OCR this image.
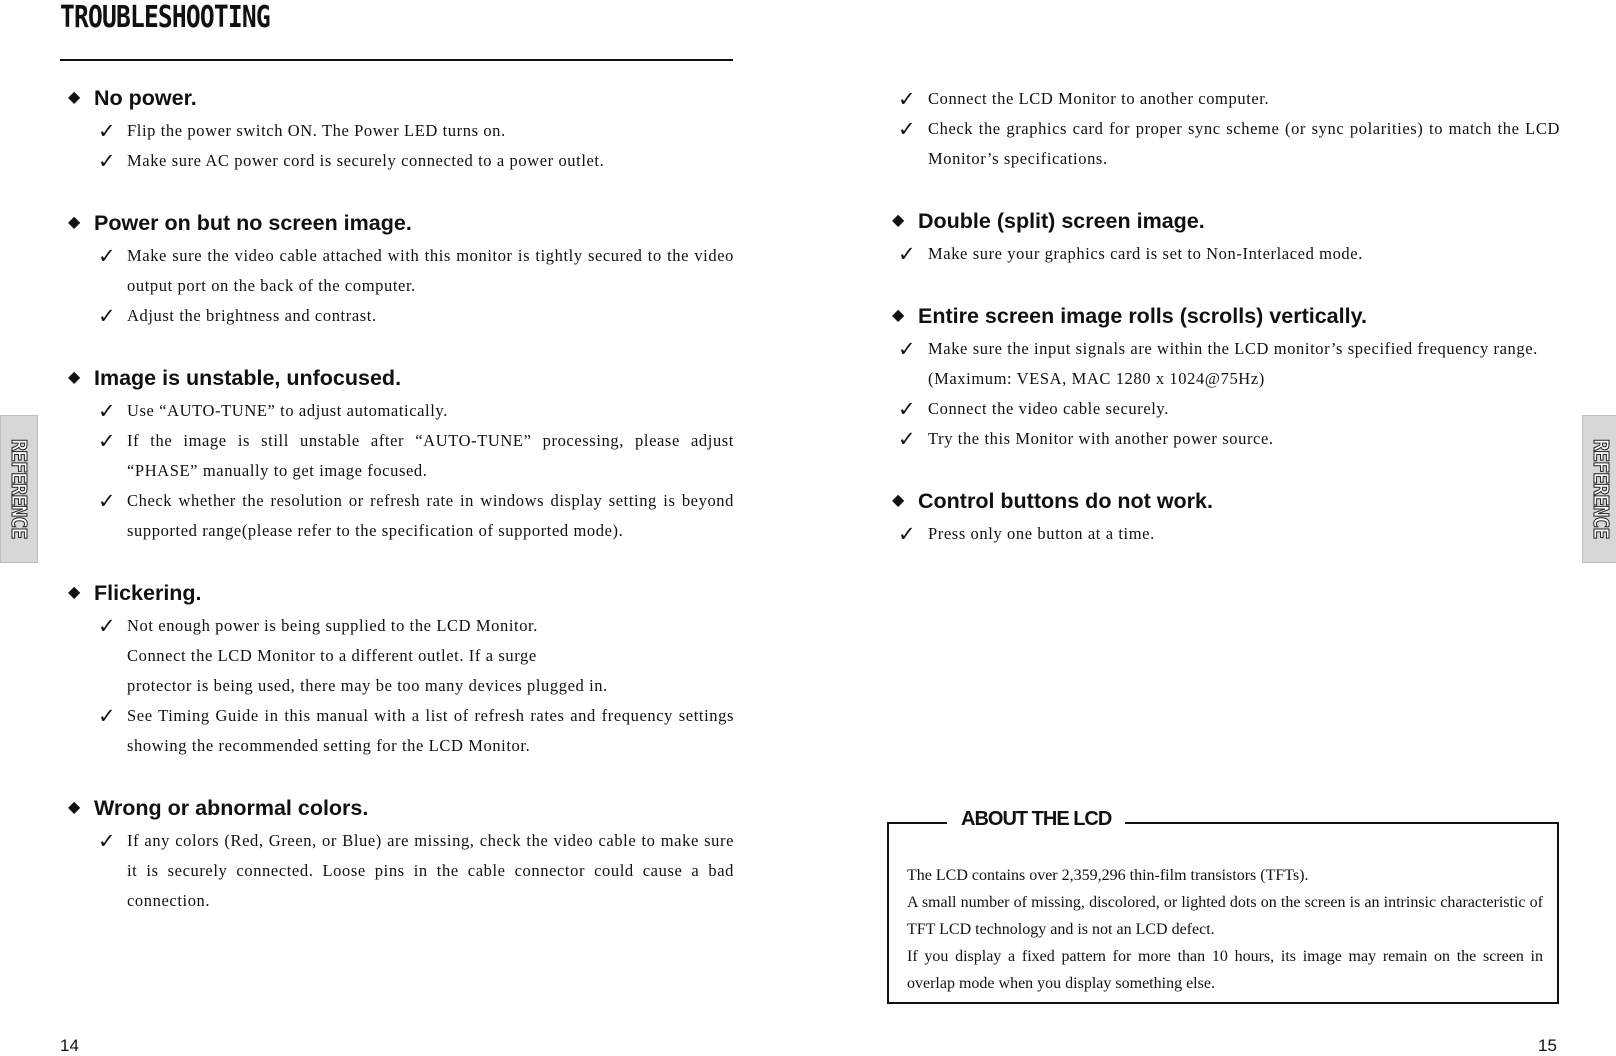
TROUBLESHOOTING
◆ No power.
✓ Flip the power switch ON. The Power LED turns on.
✓ Make sure AC power cord is securely connected to a power outlet.
◆ Power on but no screen image.
✓ Make sure the video cable attached with this monitor is tightly secured to the video output port on the back of the computer.
✓ Adjust the brightness and contrast.
◆ Image is unstable, unfocused.
✓ Use “AUTO-TUNE” to adjust automatically.
✓ If the image is still unstable after “AUTO-TUNE” processing, please adjust “PHASE” manually to get image focused.
✓ Check whether the resolution or refresh rate in windows display setting is beyond supported range(please refer to the specification of supported mode).
◆ Flickering.
✓ Not enough power is being supplied to the LCD Monitor.
Connect the LCD Monitor to a different outlet. If a surge
protector is being used, there may be too many devices plugged in.
✓ See Timing Guide in this manual with a list of refresh rates and frequency settings showing the recommended setting for the LCD Monitor.
◆ Wrong or abnormal colors.
✓ If any colors (Red, Green, or Blue) are missing, check the video cable to make sure it is securely connected. Loose pins in the cable connector could cause a bad connection.
✓ Connect the LCD Monitor to another computer.
✓ Check the graphics card for proper sync scheme (or sync polarities) to match the LCD Monitor’s specifications.
◆ Double (split) screen image.
✓ Make sure your graphics card is set to Non-Interlaced mode.
◆ Entire screen image rolls (scrolls) vertically.
✓ Make sure the input signals are within the LCD monitor’s specified frequency range.
(Maximum: VESA, MAC 1280 x 1024@75Hz)
✓ Connect the video cable securely.
✓ Try the this Monitor with another power source.
◆ Control buttons do not work.
✓ Press only one button at a time.
REFERENCE	REFERENCE
ABOUT THE LCD
The LCD contains over 2,359,296 thin-film transistors (TFTs).
A small number of missing, discolored, or lighted dots on the screen is an intrinsic characteristic of TFT LCD technology and is not an LCD defect.
If you display a fixed pattern for more than 10 hours, its image may remain on the screen in overlap mode when you display something else.
14	15
